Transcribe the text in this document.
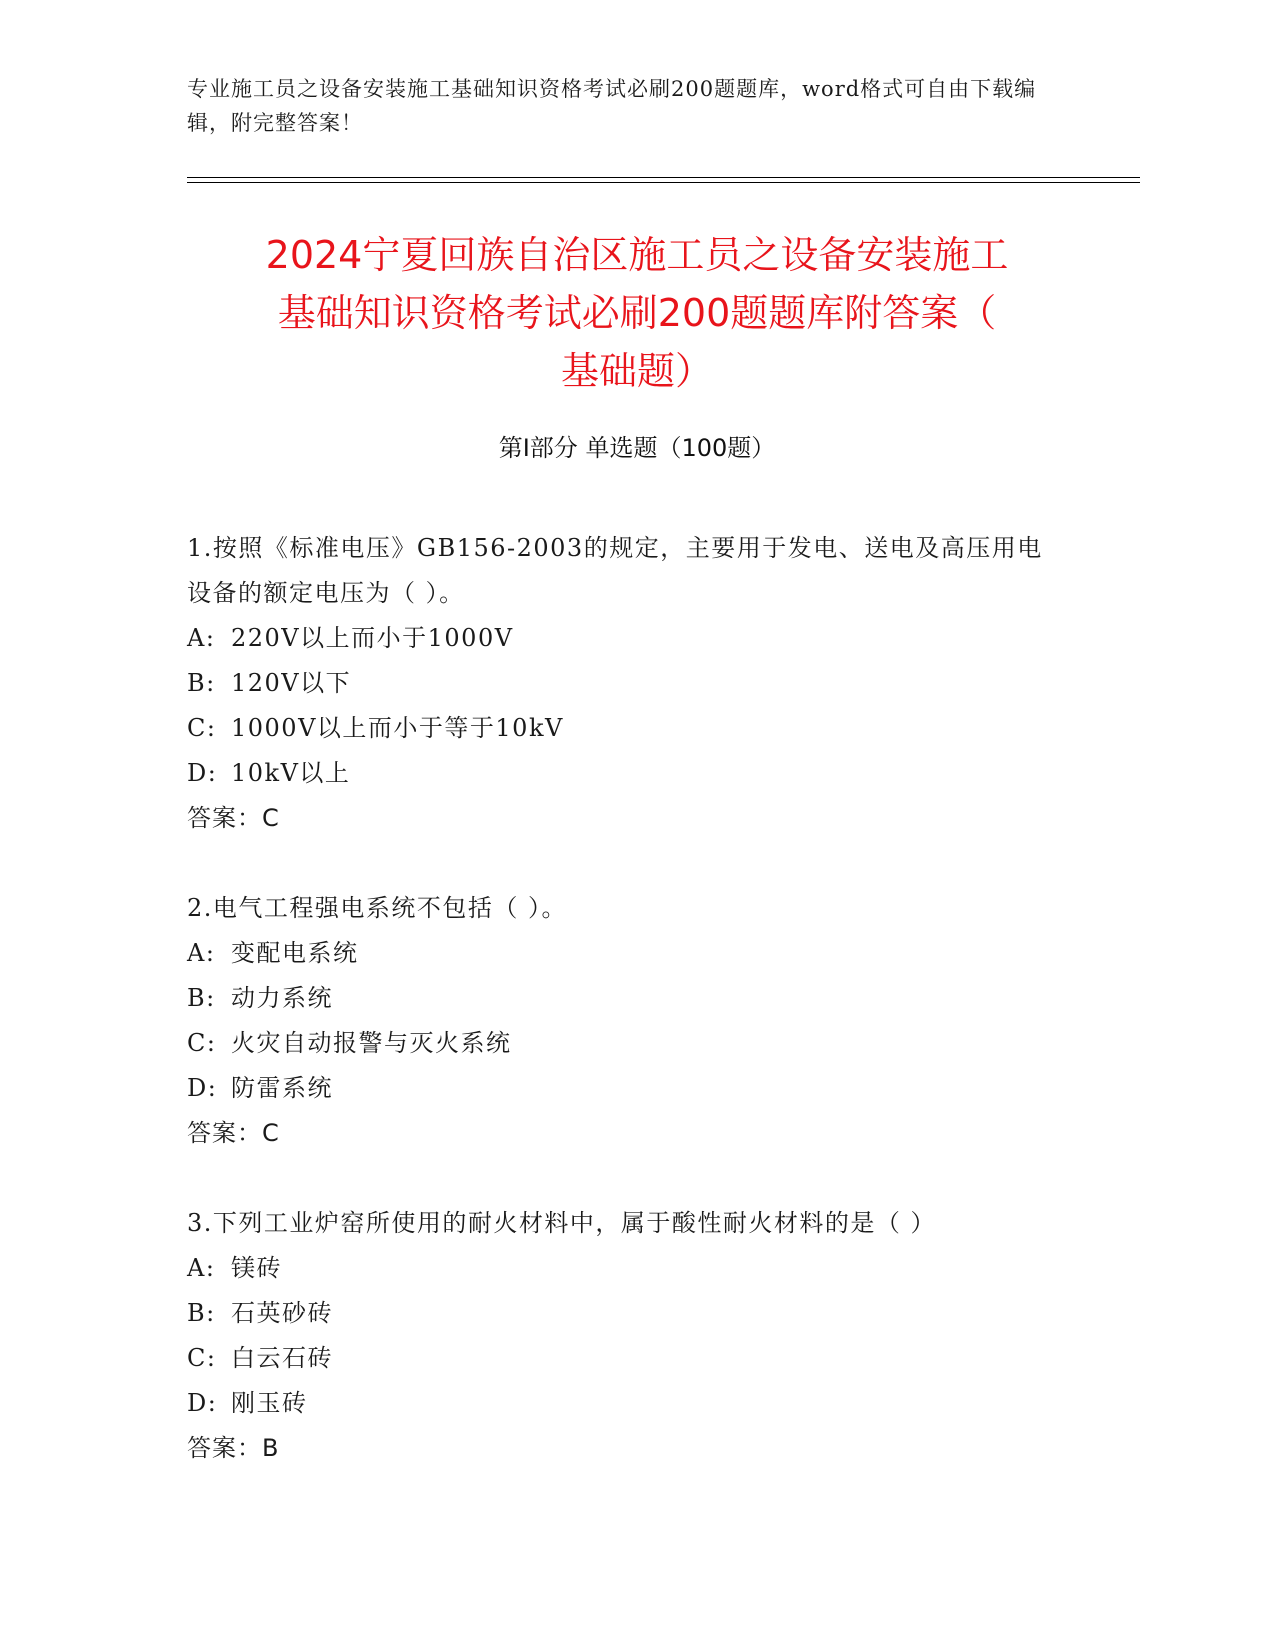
专业施工员之设备安装施工基础知识资格考试必刷200题题库，word格式可自由下载编辑，附完整答案！
2024宁夏回族自治区施工员之设备安装施工
基础知识资格考试必刷200题题库附答案（
基础题）
第I部分 单选题（100题）
1.按照《标准电压》GB156-2003的规定，主要用于发电、送电及高压用电设备的额定电压为（ ）。
A: 220V以上而小于1000V
B: 120V以下
C: 1000V以上而小于等于10kV
D: 10kV以上
答案：C
2.电气工程强电系统不包括（ ）。
A: 变配电系统
B: 动力系统
C: 火灾自动报警与灭火系统
D: 防雷系统
答案：C
3.下列工业炉窑所使用的耐火材料中，属于酸性耐火材料的是（ ）
A: 镁砖
B: 石英砂砖
C: 白云石砖
D: 刚玉砖
答案：B
